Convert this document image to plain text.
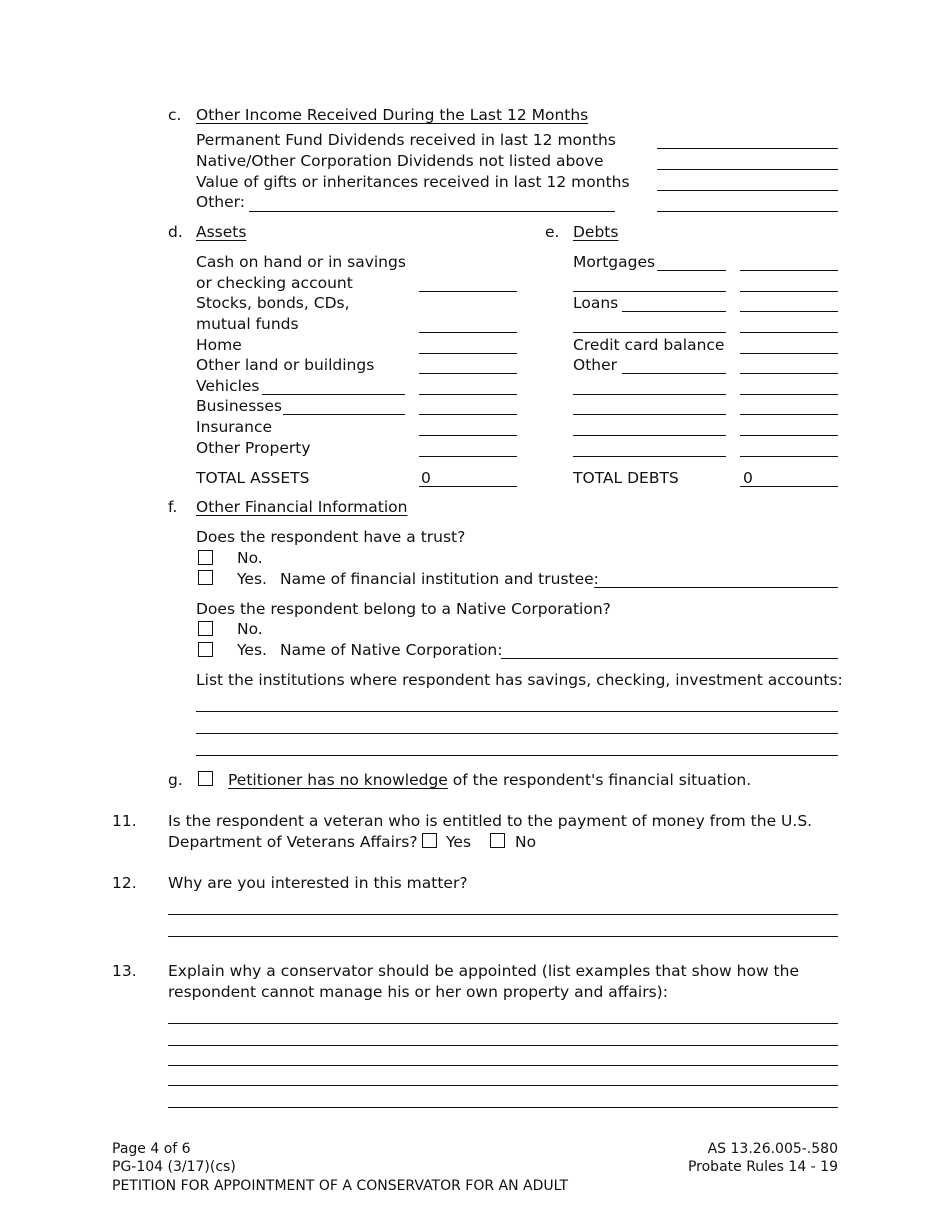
c. Other Income Received During the Last 12 Months
Permanent Fund Dividends received in last 12 months
Native/Other Corporation Dividends not listed above
Value of gifts or inheritances received in last 12 months
Other:
d. Assets
Cash on hand or in savings
or checking account
Stocks, bonds, CDs,
mutual funds
Home
Other land or buildings
Vehicles
Businesses
Insurance
Other Property
TOTAL ASSETS	0
e. Debts
Mortgages
Loans
Credit card balance
Other
TOTAL DEBTS	0
f. Other Financial Information
Does the respondent have a trust?
No.
Yes. Name of financial institution and trustee:
Does the respondent belong to a Native Corporation?
No.
Yes. Name of Native Corporation:
List the institutions where respondent has savings, checking, investment accounts:
g.	Petitioner has no knowledge of the respondent's financial situation.
11. Is the respondent a veteran who is entitled to the payment of money from the U.S.
Department of Veterans Affairs? Yes	No
12. Why are you interested in this matter?
13. Explain why a conservator should be appointed (list examples that show how the
respondent cannot manage his or her own property and affairs):
Page 4 of 6
PG-104 (3/17)(cs)
PETITION FOR APPOINTMENT OF A CONSERVATOR FOR AN ADULT
AS 13.26.005-.580
Probate Rules 14 - 19
